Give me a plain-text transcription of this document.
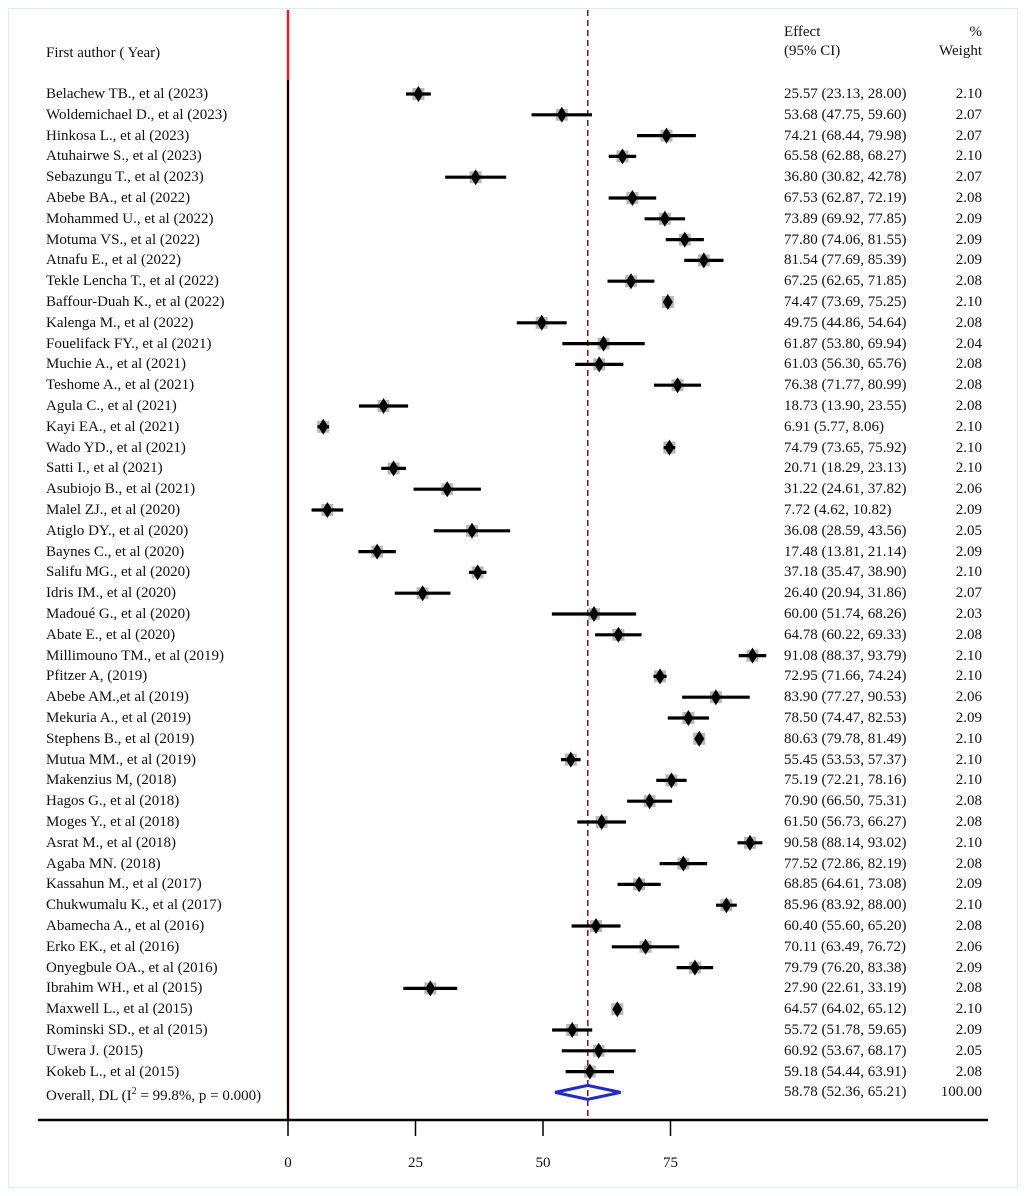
First author ( Year)
Effect
(95% CI)
%
Weight
Belachew TB., et al (2023)	25.57 (23.13, 28.00)	2.10
Woldemichael D., et al (2023)	53.68 (47.75, 59.60)	2.07
Hinkosa L., et al (2023)	74.21 (68.44, 79.98)	2.07
Atuhairwe S., et al (2023)	65.58 (62.88, 68.27)	2.10
Sebazungu T., et al (2023)	36.80 (30.82, 42.78)	2.07
Abebe BA., et al (2022)	67.53 (62.87, 72.19)	2.08
Mohammed U., et al (2022)	73.89 (69.92, 77.85)	2.09
Motuma VS., et al (2022)	77.80 (74.06, 81.55)	2.09
Atnafu E., et al (2022)	81.54 (77.69, 85.39)	2.09
Tekle Lencha T., et al (2022)	67.25 (62.65, 71.85)	2.08
Baffour-Duah K., et al (2022)	74.47 (73.69, 75.25)	2.10
Kalenga M., et al (2022)	49.75 (44.86, 54.64)	2.08
Fouelifack FY., et al (2021)	61.87 (53.80, 69.94)	2.04
Muchie A., et al (2021)	61.03 (56.30, 65.76)	2.08
Teshome A., et al (2021)	76.38 (71.77, 80.99)	2.08
Agula C., et al (2021)	18.73 (13.90, 23.55)	2.08
Kayi EA., et al (2021)	6.91 (5.77, 8.06)	2.10
Wado YD., et al (2021)	74.79 (73.65, 75.92)	2.10
Satti I., et al (2021)	20.71 (18.29, 23.13)	2.10
Asubiojo B., et al (2021)	31.22 (24.61, 37.82)	2.06
Malel ZJ., et al (2020)	7.72 (4.62, 10.82)	2.09
Atiglo DY., et al (2020)	36.08 (28.59, 43.56)	2.05
Baynes C., et al (2020)	17.48 (13.81, 21.14)	2.09
Salifu MG., et al (2020)	37.18 (35.47, 38.90)	2.10
Idris IM., et al (2020)	26.40 (20.94, 31.86)	2.07
Madoué G., et al (2020)	60.00 (51.74, 68.26)	2.03
Abate E., et al (2020)	64.78 (60.22, 69.33)	2.08
Millimouno TM., et al (2019)	91.08 (88.37, 93.79)	2.10
Pfitzer A, (2019)	72.95 (71.66, 74.24)	2.10
Abebe AM.,et al (2019)	83.90 (77.27, 90.53)	2.06
Mekuria A., et al (2019)	78.50 (74.47, 82.53)	2.09
Stephens B., et al (2019)	80.63 (79.78, 81.49)	2.10
Mutua MM., et al (2019)	55.45 (53.53, 57.37)	2.10
Makenzius M, (2018)	75.19 (72.21, 78.16)	2.10
Hagos G., et al (2018)	70.90 (66.50, 75.31)	2.08
Moges Y., et al (2018)	61.50 (56.73, 66.27)	2.08
Asrat M., et al (2018)	90.58 (88.14, 93.02)	2.10
Agaba MN. (2018)	77.52 (72.86, 82.19)	2.08
Kassahun M., et al (2017)	68.85 (64.61, 73.08)	2.09
Chukwumalu K., et al (2017)	85.96 (83.92, 88.00)	2.10
Abamecha A., et al (2016)	60.40 (55.60, 65.20)	2.08
Erko EK., et al (2016)	70.11 (63.49, 76.72)	2.06
Onyegbule OA., et al (2016)	79.79 (76.20, 83.38)	2.09
Ibrahim WH., et al (2015)	27.90 (22.61, 33.19)	2.08
Maxwell L., et al (2015)	64.57 (64.02, 65.12)	2.10
Rominski SD., et al (2015)	55.72 (51.78, 59.65)	2.09
Uwera J. (2015)	60.92 (53.67, 68.17)	2.05
Kokeb L., et al (2015)	59.18 (54.44, 63.91)	2.08
Overall, DL ($I^2 = 99.8\%$, p = 0.000)	58.78 (52.36, 65.21)	100.00
0	25	50	75
